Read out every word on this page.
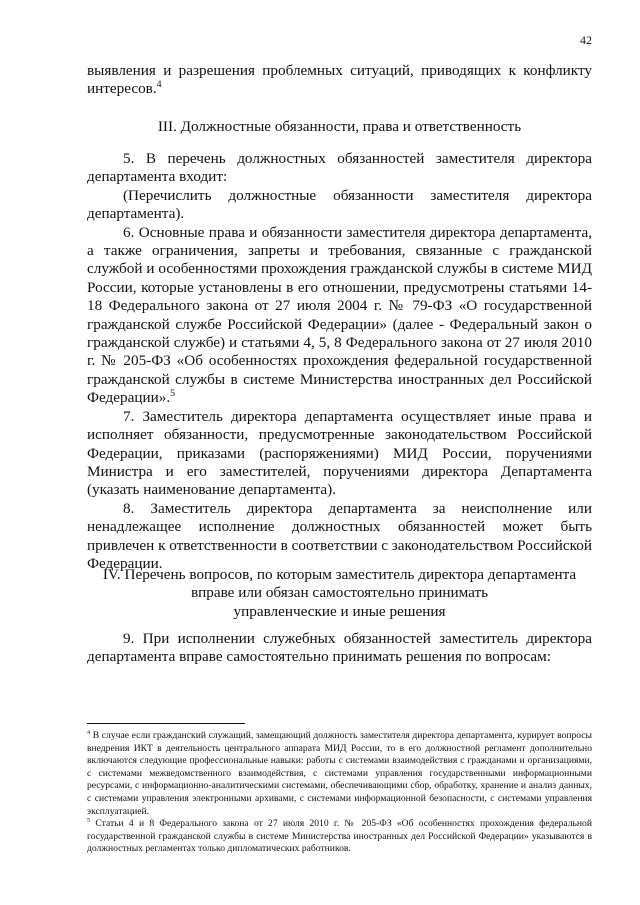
42

выявления и разрешения проблемных ситуаций, приводящих к конфликту интересов.$^4$

III. Должностные обязанности, права и ответственность

5. В перечень должностных обязанностей заместителя директора департамента входит:

(Перечислить должностные обязанности заместителя директора департамента).

6. Основные права и обязанности заместителя директора департамента, а также ограничения, запреты и требования, связанные с гражданской службой и особенностями прохождения гражданской службы в системе МИД России, которые установлены в его отношении, предусмотрены статьями 14-18 Федерального закона от 27 июля 2004 г. № 79-ФЗ «О государственной гражданской службе Российской Федерации» (далее - Федеральный закон о гражданской службе) и статьями 4, 5, 8 Федерального закона от 27 июля 2010 г. № 205-ФЗ «Об особенностях прохождения федеральной государственной гражданской службы в системе Министерства иностранных дел Российской Федерации».$^5$

7. Заместитель директора департамента осуществляет иные права и исполняет обязанности, предусмотренные законодательством Российской Федерации, приказами (распоряжениями) МИД России, поручениями Министра и его заместителей, поручениями директора Департамента (указать наименование департамента).

8. Заместитель директора департамента за неисполнение или ненадлежащее исполнение должностных обязанностей может быть привлечен к ответственности в соответствии с законодательством Российской Федерации.

IV. Перечень вопросов, по которым заместитель директора департамента

вправе или обязан самостоятельно принимать

управленческие и иные решения

9. При исполнении служебных обязанностей заместитель директора департамента вправе самостоятельно принимать решения по вопросам:

$^4$ В случае если гражданский служащий, замещающий должность заместителя директора департамента, курирует вопросы внедрения ИКТ в деятельность центрального аппарата МИД России, то в его должностной регламент дополнительно включаются следующие профессиональные навыки: работы с системами взаимодействия с гражданами и организациями, с системами межведомственного взаимодействия, с системами управления государственными информационными ресурсами, с информационно-аналитическими системами, обеспечивающими сбор, обработку, хранение и анализ данных, с системами управления электронными архивами, с системами информационной безопасности, с системами управления эксплуатацией.

$^5$ Статьи 4 и 8 Федерального закона от 27 июля 2010 г. № 205-ФЗ «Об особенностях прохождения федеральной государственной гражданской службы в системе Министерства иностранных дел Российской Федерации» указываются в должностных регламентах только дипломатических работников.
